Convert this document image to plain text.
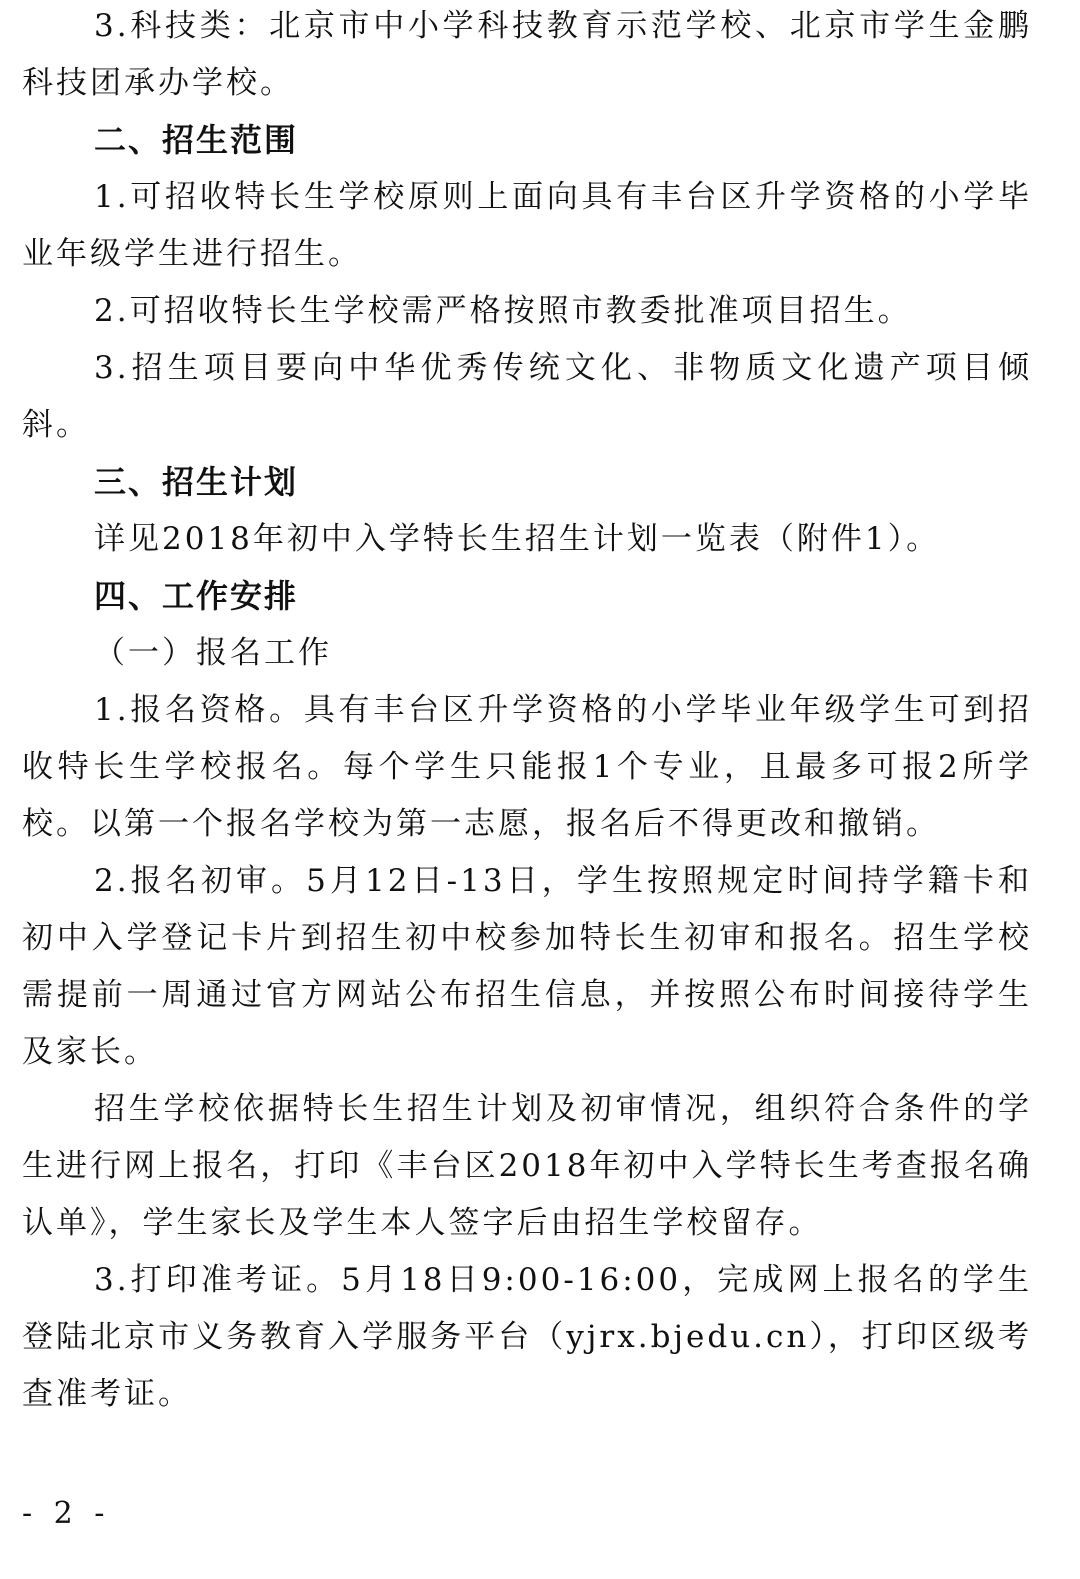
3.科技类：北京市中小学科技教育示范学校、北京市学生金鹏科技团承办学校。

二、招生范围

1.可招收特长生学校原则上面向具有丰台区升学资格的小学毕业年级学生进行招生。

2.可招收特长生学校需严格按照市教委批准项目招生。

3.招生项目要向中华优秀传统文化、非物质文化遗产项目倾斜。

三、招生计划

详见2018年初中入学特长生招生计划一览表（附件1）。

四、工作安排

（一）报名工作

1.报名资格。具有丰台区升学资格的小学毕业年级学生可到招收特长生学校报名。每个学生只能报1个专业，且最多可报2所学校。以第一个报名学校为第一志愿，报名后不得更改和撤销。

2.报名初审。5月12日-13日，学生按照规定时间持学籍卡和初中入学登记卡片到招生初中校参加特长生初审和报名。招生学校需提前一周通过官方网站公布招生信息，并按照公布时间接待学生及家长。

招生学校依据特长生招生计划及初审情况，组织符合条件的学生进行网上报名，打印《丰台区2018年初中入学特长生考查报名确认单》，学生家长及学生本人签字后由招生学校留存。

3.打印准考证。5月18日9:00-16:00，完成网上报名的学生登陆北京市义务教育入学服务平台（yjrx.bjedu.cn），打印区级考查准考证。

- 2 -
